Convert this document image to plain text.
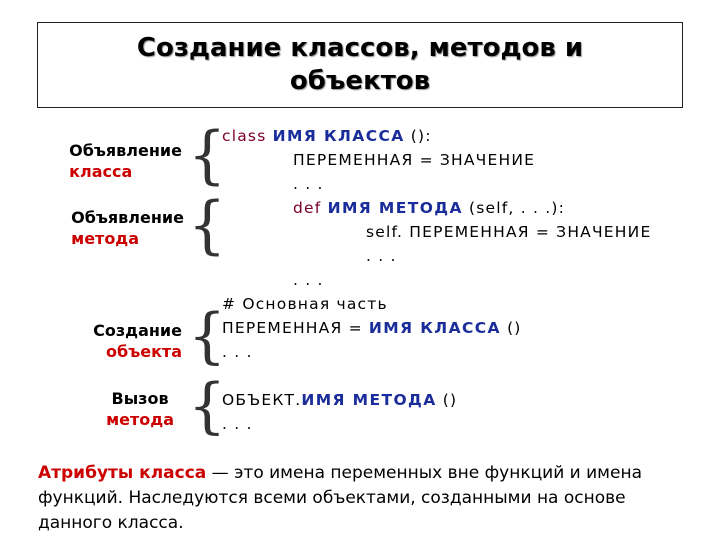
Создание классов, методов и
объектов
Объявление
класса
Объявление
метода
Создание
объекта
Вызов
метода
{
{
{
{
class ИМЯ КЛАССА ():
ПЕРЕМЕННАЯ = ЗНАЧЕНИЕ
. . .
def ИМЯ МЕТОДА (self, . . .):
self. ПЕРЕМЕННАЯ = ЗНАЧЕНИЕ
. . .
. . .
# Основная часть
ПЕРЕМЕННАЯ = ИМЯ КЛАССА ()
. . .
ОБЪЕКТ.ИМЯ МЕТОДА ()
. . .
Атрибуты класса — это имена переменных вне функций и имена функций. Наследуются всеми объектами, созданными на основе данного класса.
